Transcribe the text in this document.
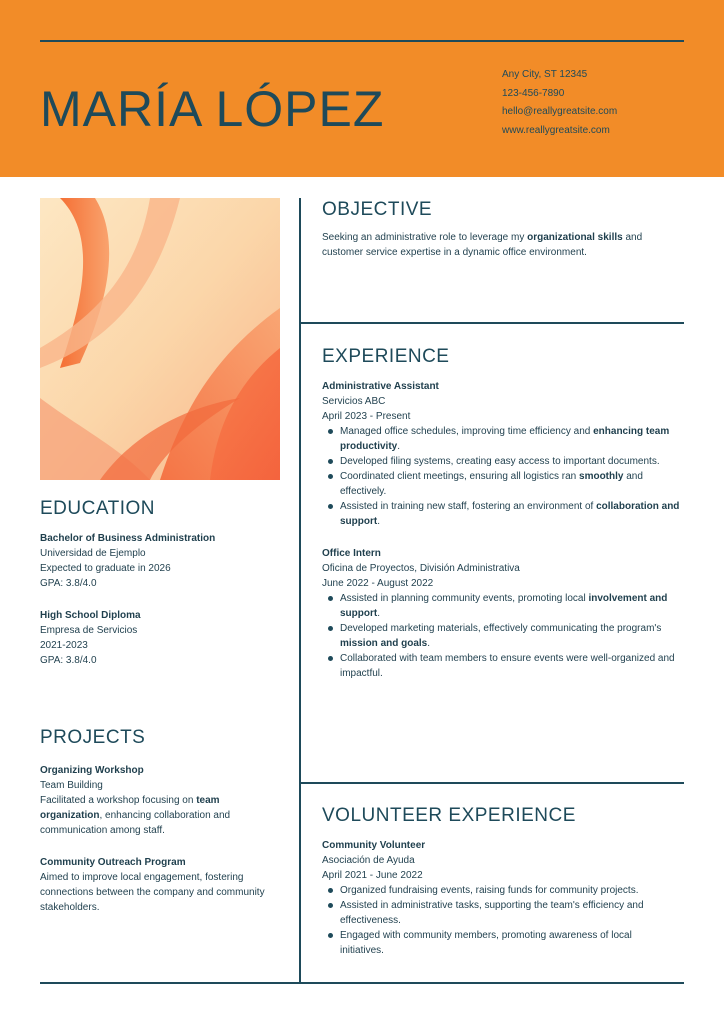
MARÍA LÓPEZ
Any City, ST 12345
123-456-7890
hello@reallygreatsite.com
www.reallygreatsite.com
OBJECTIVE
Seeking an administrative role to leverage my organizational skills and customer service expertise in a dynamic office environment.
EXPERIENCE
Administrative Assistant
Servicios ABC
April 2023 - Present
Managed office schedules, improving time efficiency and enhancing team productivity.
Developed filing systems, creating easy access to important documents.
Coordinated client meetings, ensuring all logistics ran smoothly and effectively.
Assisted in training new staff, fostering an environment of collaboration and support.
Office Intern
Oficina de Proyectos, División Administrativa
June 2022 - August 2022
Assisted in planning community events, promoting local involvement and support.
Developed marketing materials, effectively communicating the program's mission and goals.
Collaborated with team members to ensure events were well-organized and impactful.
VOLUNTEER EXPERIENCE
Community Volunteer
Asociación de Ayuda
April 2021 - June 2022
Organized fundraising events, raising funds for community projects.
Assisted in administrative tasks, supporting the team's efficiency and effectiveness.
Engaged with community members, promoting awareness of local initiatives.
EDUCATION
Bachelor of Business Administration
Universidad de Ejemplo
Expected to graduate in 2026
GPA: 3.8/4.0
High School Diploma
Empresa de Servicios
2021-2023
GPA: 3.8/4.0
PROJECTS
Organizing Workshop
Team Building

Facilitated a workshop focusing on team organization, enhancing collaboration and communication among staff.

Community Outreach Program

Aimed to improve local engagement, fostering connections between the company and community stakeholders.
